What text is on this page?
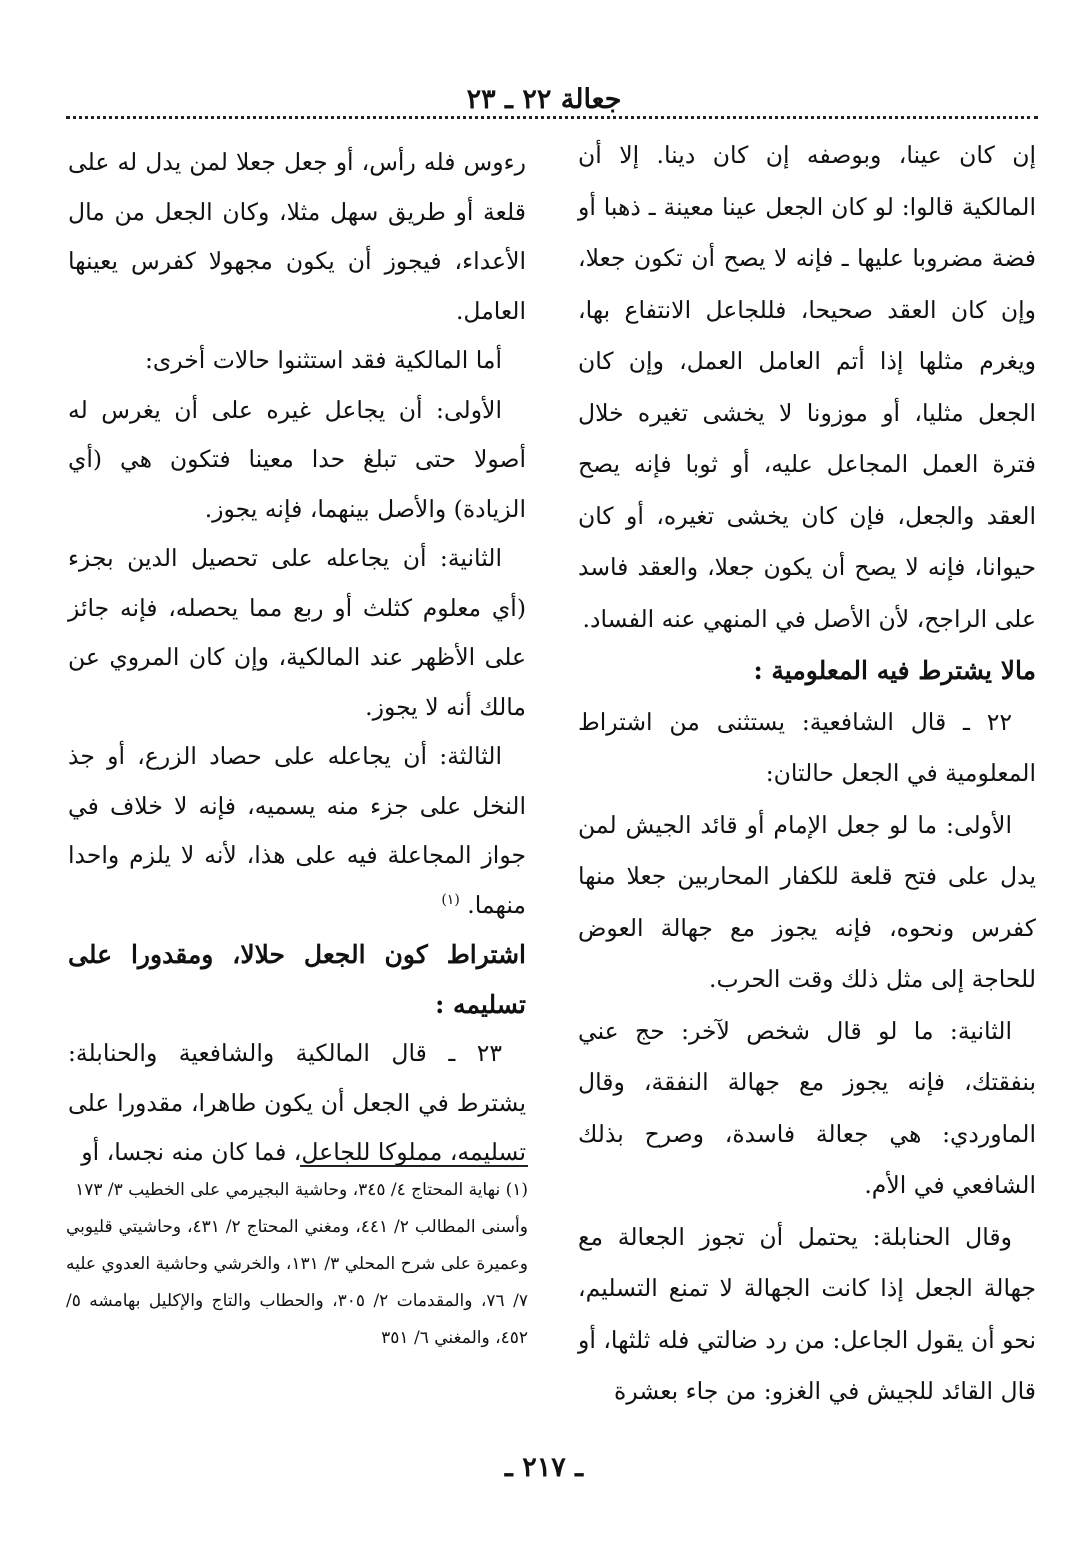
جعالة ٢٢ ـ ٢٣

إن كان عينا، وبوصفه إن كان دينا. إلا أن المالكية قالوا: لو كان الجعل عينا معينة ـ ذهبا أو فضة مضروبا عليها ـ فإنه لا يصح أن تكون جعلا، وإن كان العقد صحيحا، فللجاعل الانتفاع بها، ويغرم مثلها إذا أتم العامل العمل، وإن كان الجعل مثليا، أو موزونا لا يخشى تغيره خلال فترة العمل المجاعل عليه، أو ثوبا فإنه يصح العقد والجعل، فإن كان يخشى تغيره، أو كان حيوانا، فإنه لا يصح أن يكون جعلا، والعقد فاسد على الراجح، لأن الأصل في المنهي عنه الفساد.

مالا يشترط فيه المعلومية :

٢٢ ـ قال الشافعية: يستثنى من اشتراط المعلومية في الجعل حالتان:

الأولى: ما لو جعل الإمام أو قائد الجيش لمن يدل على فتح قلعة للكفار المحاربين جعلا منها كفرس ونحوه، فإنه يجوز مع جهالة العوض للحاجة إلى مثل ذلك وقت الحرب.

الثانية: ما لو قال شخص لآخر: حج عني بنفقتك، فإنه يجوز مع جهالة النفقة، وقال الماوردي: هي جعالة فاسدة، وصرح بذلك الشافعي في الأم.

وقال الحنابلة: يحتمل أن تجوز الجعالة مع جهالة الجعل إذا كانت الجهالة لا تمنع التسليم، نحو أن يقول الجاعل: من رد ضالتي فله ثلثها، أو قال القائد للجيش في الغزو: من جاء بعشرة

رءوس فله رأس، أو جعل جعلا لمن يدل له على قلعة أو طريق سهل مثلا، وكان الجعل من مال الأعداء، فيجوز أن يكون مجهولا كفرس يعينها العامل.

أما المالكية فقد استثنوا حالات أخرى:

الأولى: أن يجاعل غيره على أن يغرس له أصولا حتى تبلغ حدا معينا فتكون هي (أي الزيادة) والأصل بينهما، فإنه يجوز.

الثانية: أن يجاعله على تحصيل الدين بجزء (أي معلوم كثلث أو ربع مما يحصله، فإنه جائز على الأظهر عند المالكية، وإن كان المروي عن مالك أنه لا يجوز.

الثالثة: أن يجاعله على حصاد الزرع، أو جذ النخل على جزء منه يسميه، فإنه لا خلاف في جواز المجاعلة فيه على هذا، لأنه لا يلزم واحدا منهما. $^{(١)}$

اشتراط كون الجعل حلالا، ومقدورا على تسليمه :

٢٣ ـ قال المالكية والشافعية والحنابلة: يشترط في الجعل أن يكون طاهرا، مقدورا على تسليمه، مملوكا للجاعل، فما كان منه نجسا، أو

(١) نهاية المحتاج ٤/ ٣٤٥، وحاشية البجيرمي على الخطيب ٣/ ١٧٣

وأسنى المطالب ٢/ ٤٤١، ومغني المحتاج ٢/ ٤٣١، وحاشيتي قليوبي وعميرة على شرح المحلي ٣/ ١٣١، والخرشي وحاشية العدوي عليه ٧/ ٧٦، والمقدمات ٢/ ٣٠٥، والحطاب والتاج والإكليل بهامشه ٥/ ٤٥٢، والمغني ٦/ ٣٥١

ـ ٢١٧ ـ
